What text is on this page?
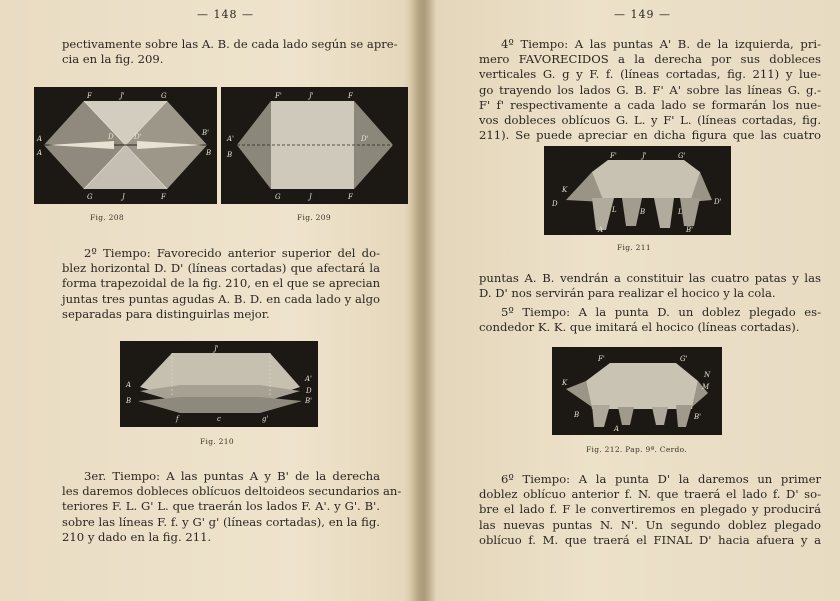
— 148 —
pectivamente sobre las A. B. de cada lado según se apre-
cia en la fig. 209.
F	J'	G
A
A
B'
B
G	J	F
D	D'
Fig. 208
F'	J'	F
A'
B
D'
G	J	F
Fig. 209
2º Tiempo: Favorecido anterior superior del do-
blez horizontal D. D' (líneas cortadas) que afectará la
forma trapezoidal de la fig. 210, en el que se aprecian
juntas tres puntas agudas A. B. D. en cada lado y algo
separadas para distinguirlas mejor.
J'
A
B
A'
B'
g'
c
f
D
Fig. 210
3er. Tiempo: A las puntas A y B' de la derecha
les daremos dobleces oblícuos deltoideos secundarios an-
teriores F. L. G' L. que traerán los lados F. A'. y G'. B'.
sobre las líneas F. f. y G' g' (líneas cortadas), en la fig.
210 y dado en la fig. 211.
— 149 —
4º Tiempo: A las puntas A' B. de la izquierda, pri-
mero FAVORECIDOS a la derecha por sus dobleces
verticales G. g y F. f. (líneas cortadas, fig. 211) y lue-
go trayendo los lados G. B. F' A' sobre las líneas G. g.-
F' f' respectivamente a cada lado se formarán los nue-
vos dobleces oblícuos G. L. y F' L. (líneas cortadas, fig.
211). Se puede apreciar en dicha figura que las cuatro
F'	J'	G'
K
D
L
A
B
D'
L
B'
Fig. 211
puntas A. B. vendrán a constituir las cuatro patas y las
D. D' nos servirán para realizar el hocico y la cola.
5º Tiempo: A la punta D. un doblez plegado es-
condedor K. K. que imitará el hocico (líneas cortadas).
F'	G'
K
N
M
B
A
B'
Fig. 212. Pap. 9ª. Cerdo.
6º Tiempo: A la punta D' la daremos un primer
doblez oblícuo anterior f. N. que traerá el lado f. D' so-
bre el lado f. F le convertiremos en plegado y producirá
las nuevas puntas N. N'. Un segundo doblez plegado
oblícuo f. M. que traerá el FINAL D' hacia afuera y a
